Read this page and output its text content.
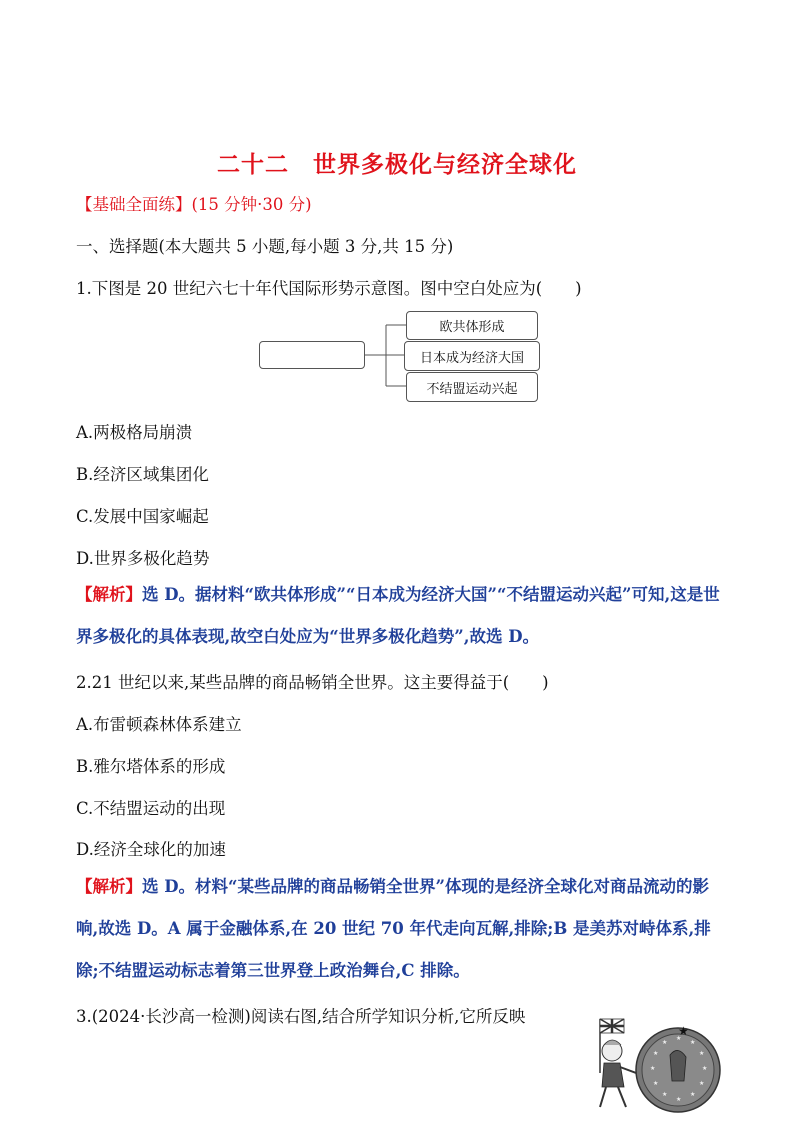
二十二　世界多极化与经济全球化
【基础全面练】(15 分钟·30 分)
一、选择题(本大题共 5 小题,每小题 3 分,共 15 分)
1.下图是 20 世纪六七十年代国际形势示意图。图中空白处应为(　　)
欧共体形成
日本成为经济大国
不结盟运动兴起
A.两极格局崩溃
B.经济区域集团化
C.发展中国家崛起
D.世界多极化趋势
【解析】选 D。据材料“欧共体形成”“日本成为经济大国”“不结盟运动兴起”可知,这是世界多极化的具体表现,故空白处应为“世界多极化趋势”,故选 D。
2.21 世纪以来,某些品牌的商品畅销全世界。这主要得益于(　　)
A.布雷顿森林体系建立
B.雅尔塔体系的形成
C.不结盟运动的出现
D.经济全球化的加速
【解析】选 D。材料“某些品牌的商品畅销全世界”体现的是经济全球化对商品流动的影响,故选 D。A 属于金融体系,在 20 世纪 70 年代走向瓦解,排除;B 是美苏对峙体系,排除;不结盟运动标志着第三世界登上政治舞台,C 排除。
3.(2024·长沙高一检测)阅读右图,结合所学知识分析,它所反映
★
★
★
★
★
★
★
★
★
★
★
★
★
